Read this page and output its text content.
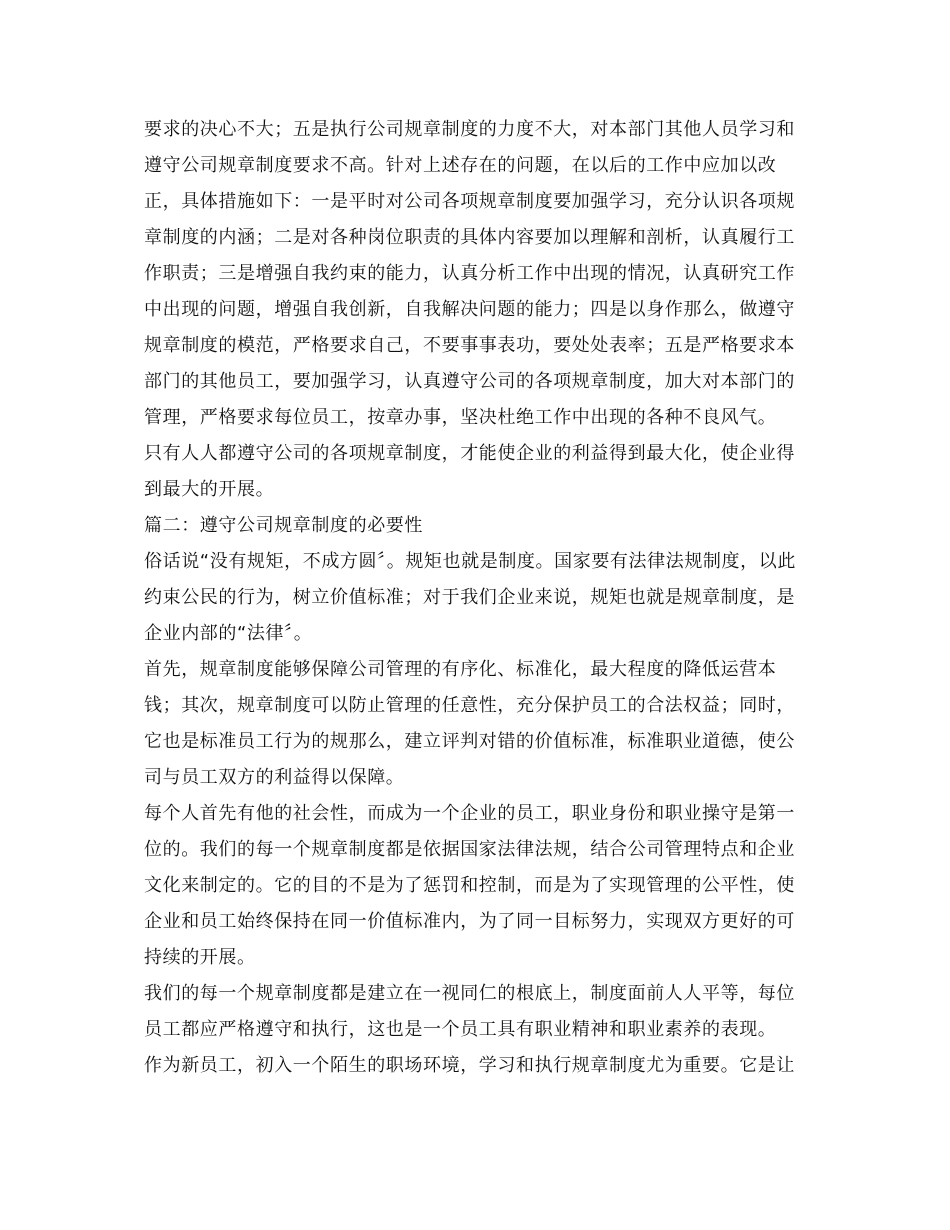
要求的决心不大；五是执行公司规章制度的力度不大，对本部门其他人员学习和
遵守公司规章制度要求不高。针对上述存在的问题，在以后的工作中应加以改
正，具体措施如下：一是平时对公司各项规章制度要加强学习，充分认识各项规
章制度的内涵；二是对各种岗位职责的具体内容要加以理解和剖析，认真履行工
作职责；三是增强自我约束的能力，认真分析工作中出现的情况，认真研究工作
中出现的问题，增强自我创新，自我解决问题的能力；四是以身作那么，做遵守
规章制度的模范，严格要求自己，不要事事表功，要处处表率；五是严格要求本
部门的其他员工，要加强学习，认真遵守公司的各项规章制度，加大对本部门的
管理，严格要求每位员工，按章办事，坚决杜绝工作中出现的各种不良风气。
只有人人都遵守公司的各项规章制度，才能使企业的利益得到最大化，使企业得
到最大的开展。
篇二：遵守公司规章制度的必要性
俗话说“没有规矩，不成方圆〞。规矩也就是制度。国家要有法律法规制度，以此
约束公民的行为，树立价值标准；对于我们企业来说，规矩也就是规章制度，是
企业内部的“法律〞。
首先，规章制度能够保障公司管理的有序化、标准化，最大程度的降低运营本
钱；其次，规章制度可以防止管理的任意性，充分保护员工的合法权益；同时，
它也是标准员工行为的规那么，建立评判对错的价值标准，标准职业道德，使公
司与员工双方的利益得以保障。
每个人首先有他的社会性，而成为一个企业的员工，职业身份和职业操守是第一
位的。我们的每一个规章制度都是依据国家法律法规，结合公司管理特点和企业
文化来制定的。它的目的不是为了惩罚和控制，而是为了实现管理的公平性，使
企业和员工始终保持在同一价值标准内，为了同一目标努力，实现双方更好的可
持续的开展。
我们的每一个规章制度都是建立在一视同仁的根底上，制度面前人人平等，每位
员工都应严格遵守和执行，这也是一个员工具有职业精神和职业素养的表现。
作为新员工，初入一个陌生的职场环境，学习和执行规章制度尤为重要。它是让
